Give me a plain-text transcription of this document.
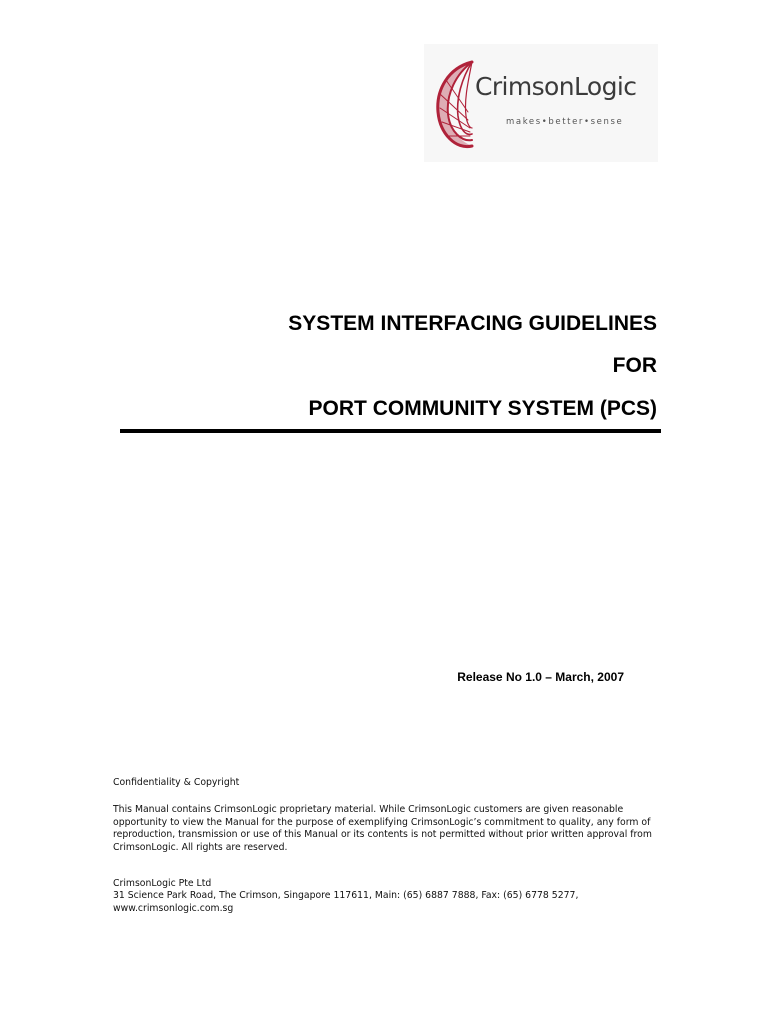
CrimsonLogic
makes•better•sense
SYSTEM INTERFACING GUIDELINES
FOR
PORT COMMUNITY SYSTEM (PCS)
Release No 1.0 – March, 2007
Confidentiality & Copyright
This Manual contains CrimsonLogic proprietary material. While CrimsonLogic customers are given reasonable opportunity to view the Manual for the purpose of exemplifying CrimsonLogic’s commitment to quality, any form of reproduction, transmission or use of this Manual or its contents is not permitted without prior written approval from CrimsonLogic. All rights are reserved.
CrimsonLogic Pte Ltd
31 Science Park Road, The Crimson, Singapore 117611, Main: (65) 6887 7888, Fax: (65) 6778 5277,
www.crimsonlogic.com.sg
